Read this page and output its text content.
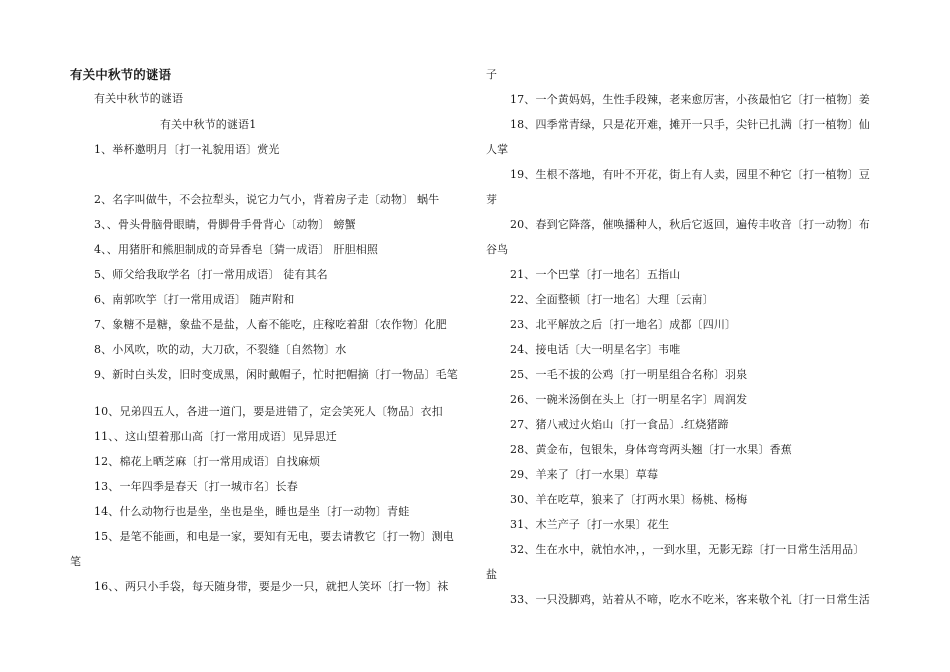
有关中秋节的谜语
有关中秋节的谜语
有关中秋节的谜语1
1、举杯邀明月〔打一礼貌用语〕赏光
2、名字叫做牛，不会拉犁头，说它力气小，背着房子走〔动物〕 蜗牛
3、、骨头骨脑骨眼睛，骨脚骨手骨背心〔动物〕 螃蟹
4、、用猪肝和熊胆制成的奇异香皂〔猜一成语〕 肝胆相照
5、师父给我取学名〔打一常用成语〕 徒有其名
6、南郭吹竽〔打一常用成语〕 随声附和
7、象糖不是糖，象盐不是盐，人畜不能吃，庄稼吃着甜〔农作物〕化肥
8、小风吹，吹的动，大刀砍，不裂缝〔自然物〕水
9、新时白头发，旧时变成黑，闲时戴帽子，忙时把帽摘〔打一物品〕毛笔
10、兄弟四五人，各进一道门，要是进错了，定会笑死人〔物品〕衣扣
11、、这山望着那山高〔打一常用成语〕见异思迁
12、棉花上晒芝麻〔打一常用成语〕自找麻烦
13、一年四季是春天〔打一城市名〕长春
14、什么动物行也是坐，坐也是坐，睡也是坐〔打一动物〕青蛙
15、是笔不能画，和电是一家，要知有无电，要去请教它〔打一物〕测电
笔
16、、两只小手袋，每天随身带，要是少一只，就把人笑坏〔打一物〕袜
子
17、一个黄妈妈，生性手段辣，老来愈厉害，小孩最怕它〔打一植物〕姜
18、四季常青绿，只是花开难，摊开一只手，尖针已扎满〔打一植物〕仙
人掌
19、生根不落地，有叶不开花，街上有人卖，园里不种它〔打一植物〕豆
芽
20、春到它降落，催唤播种人，秋后它返回，遍传丰收音〔打一动物〕布
谷鸟
21、一个巴掌〔打一地名〕五指山
22、全面整顿〔打一地名〕大理〔云南〕
23、北平解放之后〔打一地名〕成都〔四川〕
24、接电话〔大一明星名字〕韦唯
25、一毛不拔的公鸡〔打一明星组合名称〕羽泉
26、一碗米汤倒在头上〔打一明星名字〕周润发
27、猪八戒过火焰山〔打一食品〕.红烧猪蹄
28、黄金布，包银朱，身体弯弯两头翘〔打一水果〕香蕉
29、羊来了〔打一水果〕草莓
30、羊在吃草，狼来了〔打两水果〕杨桃、杨梅
31、木兰产子〔打一水果〕花生
32、生在水中，就怕水冲，，一到水里，无影无踪〔打一日常生活用品〕
盐
33、一只没脚鸡，站着从不啼，吃水不吃米，客来敬个礼〔打一日常生活
